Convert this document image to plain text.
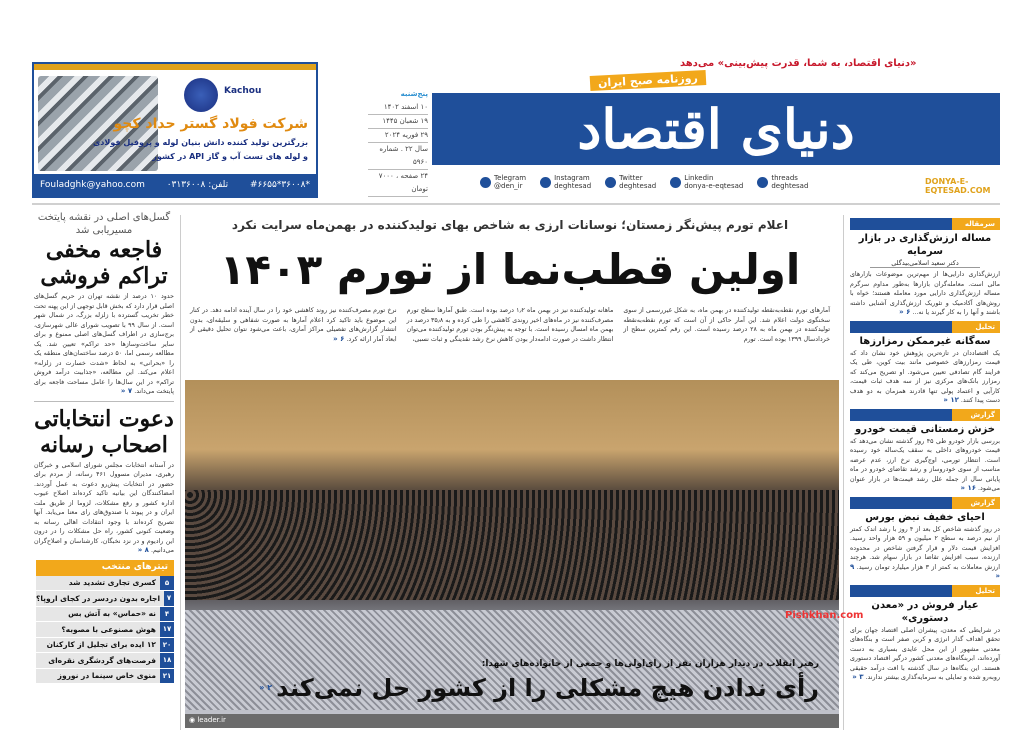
Kachou
شرکت فولاد گستر حداد کچو
بزرگترین تولید کننده دانش بنیان لوله و پروفیل فولادی
و لوله های تست آب و گاز API در کشور
Fouladghk@yahoo.com تلفن: ۰۳۱۳۶۰۰۸ #۶۶۵۵*۳۶۰۰۸*
«دنیای اقتصاد، به شما، قدرت پیش‌بینی» می‌دهد
دنیای اقتصاد
روزنامه صبح ایران
پنج‌شنبه
۱۰ اسفند ۱۴۰۲
۱۹ شعبان ۱۴۴۵
۲۹ فوریه ۲۰۲۴
سال ۲۲ . شماره ۵۹۶۰
۲۴ صفحه ، ۷۰۰۰ تومان
Telegram
@den_ir
Instagram
deghtesad
Twitter
deghtesad
Linkedin
donya-e-eqtesad
threads
deghtesad	DONYA-E-EQTESAD.COM
گسل‌های اصلی در نقشه پایتخت مسیریابی شد
فاجعه مخفی تراکم فروشی
حدود ۱۰ درصد از نقشه تهران در حریم گسل‌های اصلی قرار دارد که بخش قابل توجهی از این پهنه تحت خطر تخریب گسترده با زلزله بزرگ، در شمال شهر است. از سال ۹۹ با تصویب شورای عالی شهرسازی، برج‌سازی در اطراف گسل‌های اصلی ممنوع و برای سایر ساخت‌وسازها «حد تراکم» تعیین شد. یک مطالعه رسمی اما، ۵۰ درصد ساختمان‌های منطقه یک را «بحرانی» به لحاظ «شدت خسارت در زلزله» اعلام می‌کند. این مطالعه، «جذابیت درآمد فروش تراکم» در این سال‌ها را عامل مساحت فاجعه برای پایتخت می‌داند. ۷ «
دعوت انتخاباتی اصحاب رسانه
در آستانه انتخابات مجلس شورای اسلامی و خبرگان رهبری، مدیران مسوول ۴۶۱ رسانه، از مردم برای حضور در انتخابات پیش‌رو دعوت به عمل آوردند. امضاکنندگان این بیانیه تاکید کرده‌اند اصلاح عیوب اداره کشور و رفع مشکلات، لزوما از طریق ملت ایران و در پیوند با صندوق‌های رای معنا می‌یابد. آنها تصریح کرده‌اند با وجود انتقادات اهالی رسانه به وضعیت کنونی کشور، راه حل مشکلات را در درون این رادیوم و در نزد نخبگان، کارشناسان و اصلاح‌گران می‌دانیم. ۸ «
تیترهای منتخب
۵
کسری تجاری تشدید شد
۷
اجاره بدون دردسر در کجای اروپا؟
۴
نه «حماس» به آتش بس
۱۷
هوش مصنوعی با مصوبه؟
۲۰
۱۲ ایده برای تجلیل از کارکنان
۱۸
فرصت‌های گردشگری نقره‌ای
۲۱
منوی خاص سینما در نوروز
اعلام تورم پیش‌نگر زمستان؛ نوسانات ارزی به شاخص بهای تولیدکننده در بهمن‌ماه سرایت نکرد
اولین قطب‌نما از تورم ۱۴۰۳
آمارهای تورم نقطه‌به‌نقطه تولیدکننده در بهمن ماه، به شکل غیررسمی از سوی سخنگوی دولت اعلام شد. این آمار حاکی از آن است که تورم نقطه‌به‌نقطه تولیدکننده در بهمن ماه به ۲۸ درصد رسیده است. این رقم کمترین سطح از خردادسال ۱۳۹۹ بوده است. تورم
ماهانه تولیدکننده نیز در بهمن ماه ۱٫۲ درصد بوده است. طبق آمارها سطح تورم مصرف‌کننده نیز در ماه‌های اخیر روندی کاهشی را طی کرده و به ۳۵٫۸ درصد در بهمن ماه امسال رسیده است. با توجه به پیش‌نگر بودن تورم تولیدکننده می‌توان انتظار داشت در صورت ادامه‌دار بودن کاهش نرخ رشد نقدینگی و ثبات نسبی،
نرخ تورم مصرف‌کننده نیز روند کاهشی خود را در سال آینده ادامه دهد. در کنار این موضوع باید تاکید کرد اعلام آمارها به صورت شفاهی و سلیقه‌ای، بدون انتشار گزارش‌های تفصیلی مراکز آماری، باعث می‌شود نتوان تحلیل دقیقی از ابعاد آمار ارائه کرد. ۶ «
Pishkhan.com
رهبر انقلاب در دیدار هزاران نفر از رای‌اولی‌ها و جمعی از خانواده‌های شهدا:
رأی ندادن هیچ مشکلی را از کشور حل نمی‌کند۲ «
◉ leader.ir
سرمقاله
مساله ارزش‌گذاری در بازار سرمایه
دکتر سعید اسلامی‌بیدگلی
ارزش‌گذاری دارایی‌ها از مهم‌ترین موضوعات بازارهای مالی است. معامله‌گران بازارها به‌طور مداوم سرگرم مساله ارزش‌گذاری دارایی مورد معامله هستند؛ خواه با روش‌های آکادمیک و تئوریک ارزش‌گذاری آشنایی داشته باشند و آنها را به کار گیرند یا نه... ۶ «
تحلیل
سه‌گانه غیرممکن رمزارزها
یک اقتصاددان در تازه‌ترین پژوهش خود نشان داد که قیمت رمزارزهای خصوصی مانند بیت کوین، طی یک فرایند گام تصادفی تعیین می‌شود. او تصریح می‌کند که رمزارز بانک‌های مرکزی نیز از سه هدف ثبات قیمت، کارآیی و اعتماد پولی تنها قادرند همزمان به دو هدف دست پیدا کنند. ۱۲ «
گزارش
خزش زمستانی قیمت خودرو
بررسی بازار خودرو طی ۴۵ روز گذشته نشان می‌دهد که قیمت خودروهای داخلی به سقف یک‌ساله خود رسیده است. انتظار تورمی، اوج‌گیری نرخ ارز، عدم عرضه مناسب از سوی خودروساز و رشد تقاضای خودرو در ماه پایانی سال از جمله علل رشد قیمت‌ها در بازار عنوان می‌شود. ۱۶ «
گزارش
احیای خفیف نبض بورس
در روز گذشته شاخص کل بعد از ۴ روز با رشد اندک کمتر از نیم درصد به سطح ۲ میلیون و ۵۹ هزار واحد رسید. افزایش قیمت دلار و قرار گرفتن شاخص در محدوده ارزنده، سبب افزایش تقاضا در بازار سهام شد. هرچند ارزش معاملات به کمتر از ۳ هزار میلیارد تومان رسید. ۹ «
تحلیل
عیار فروش در «معدن دستوری»
در شرایطی که معدن، پیشران اصلی اقتصاد جهان برای تحقق اهداف گذار انرژی و کربن صفر است و بنگاه‌های معدنی مشهور از این محل عایدی بسیاری به دست آورده‌اند، ابربنگاه‌های معدنی کشور درگیر اقتصاد دستوری هستند. این بنگاه‌ها در سال گذشته با افت درآمد حقیقی روبه‌رو شده و تمایلی به سرمایه‌گذاری بیشتر ندارند. ۳ «
